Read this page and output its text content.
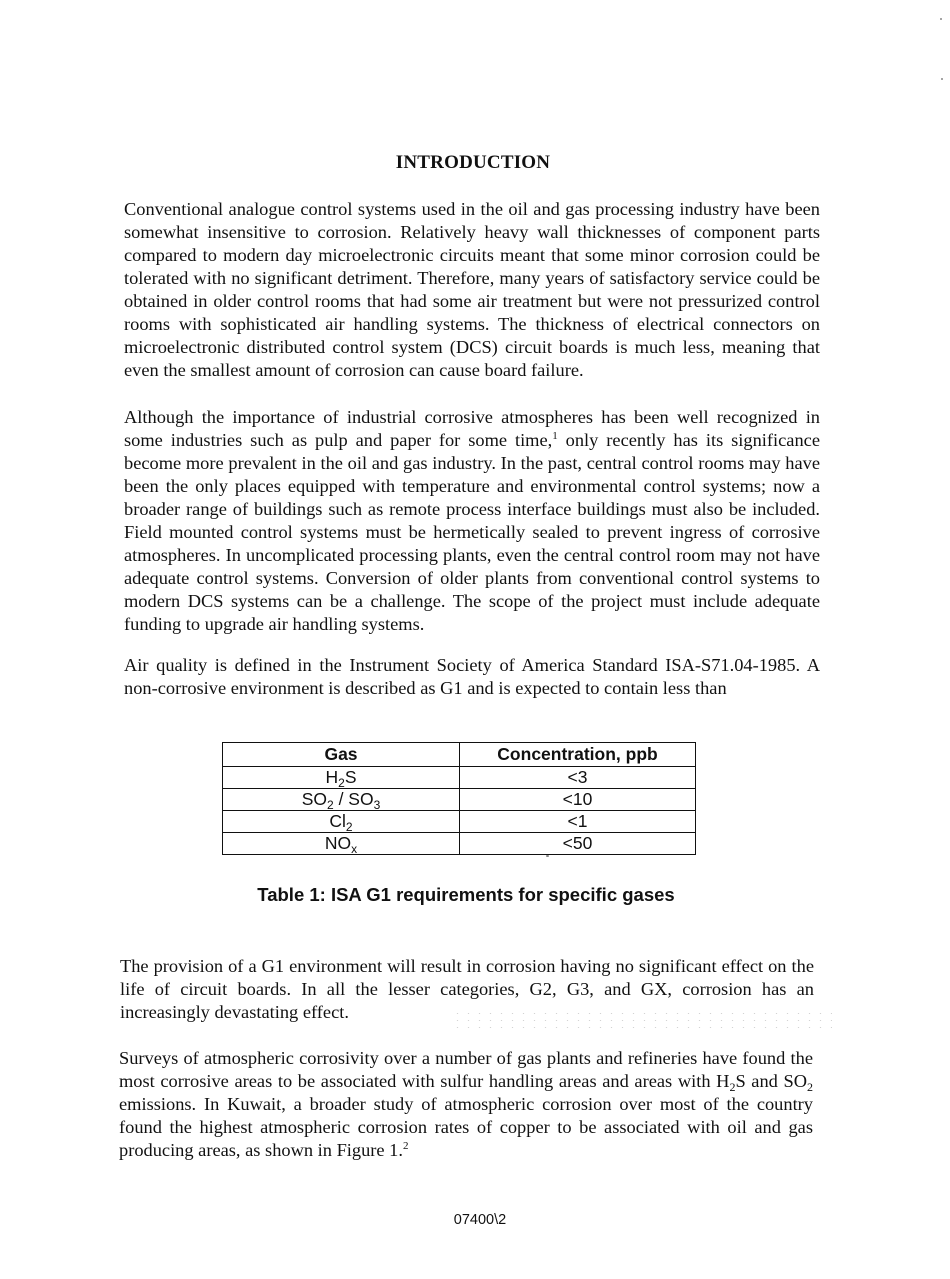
INTRODUCTION

Conventional analogue control systems used in the oil and gas processing industry have been somewhat insensitive to corrosion. Relatively heavy wall thicknesses of component parts compared to modern day microelectronic circuits meant that some minor corrosion could be tolerated with no significant detriment. Therefore, many years of satisfactory service could be obtained in older control rooms that had some air treatment but were not pressurized control rooms with sophisticated air handling systems. The thickness of electrical connectors on microelectronic distributed control system (DCS) circuit boards is much less, meaning that even the smallest amount of corrosion can cause board failure.

Although the importance of industrial corrosive atmospheres has been well recognized in some industries such as pulp and paper for some time,$^1$ only recently has its significance become more prevalent in the oil and gas industry. In the past, central control rooms may have been the only places equipped with temperature and environmental control systems; now a broader range of buildings such as remote process interface buildings must also be included. Field mounted control systems must be hermetically sealed to prevent ingress of corrosive atmospheres. In uncomplicated processing plants, even the central control room may not have adequate control systems. Conversion of older plants from conventional control systems to modern DCS systems can be a challenge. The scope of the project must include adequate funding to upgrade air handling systems.

Air quality is defined in the Instrument Society of America Standard ISA-S71.04-1985. A non-corrosive environment is described as G1 and is expected to contain less than

Gas	Concentration, ppb
$H_2S$	<3
$SO_2 / SO_3$	<10
$Cl_2$	<1
$NO_x$	<50
Table 1: ISA G1 requirements for specific gases

The provision of a G1 environment will result in corrosion having no significant effect on the life of circuit boards. In all the lesser categories, G2, G3, and GX, corrosion has an increasingly devastating effect.

Surveys of atmospheric corrosivity over a number of gas plants and refineries have found the most corrosive areas to be associated with sulfur handling areas and areas with $H_2S$ and $SO_2$ emissions. In Kuwait, a broader study of atmospheric corrosion over most of the country found the highest atmospheric corrosion rates of copper to be associated with oil and gas producing areas, as shown in Figure 1.$^2$

07400\2
